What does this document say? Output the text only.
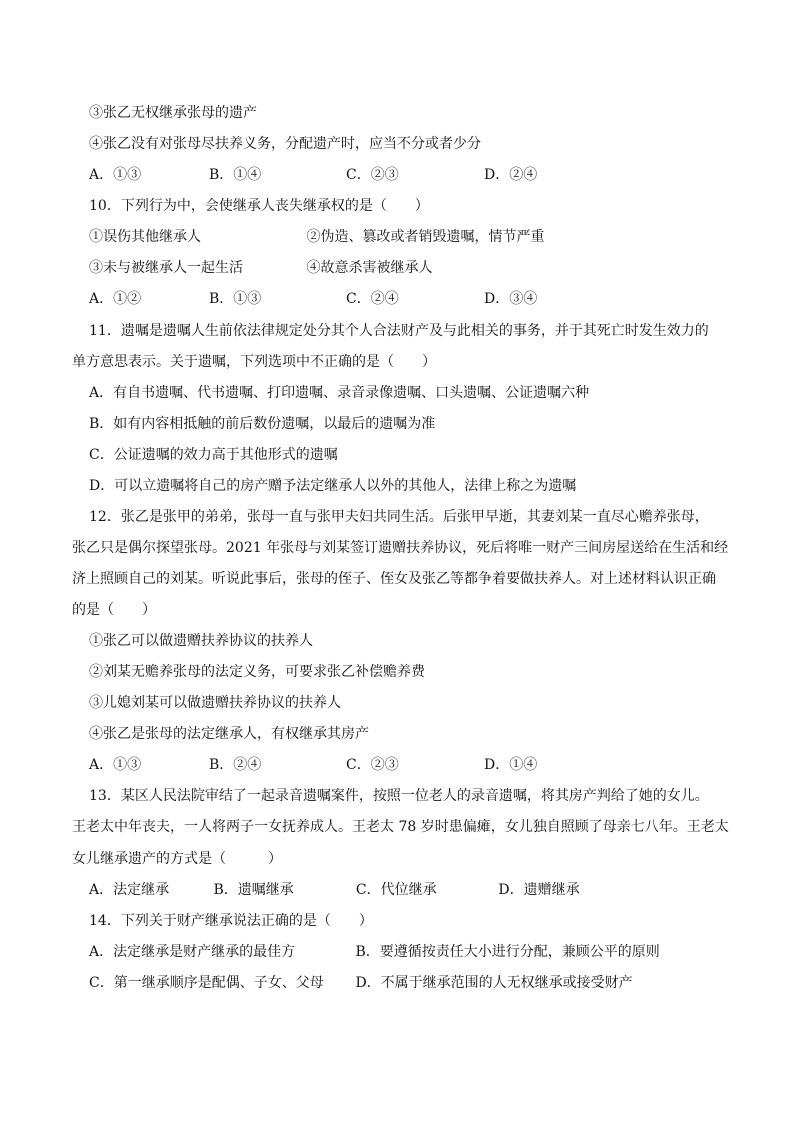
③张乙无权继承张母的遗产
④张乙没有对张母尽扶养义务，分配遗产时，应当不分或者少分
A．①③	B．①④	C．②③	D．②④
10．下列行为中，会使继承人丧失继承权的是（　　）
①误伤其他继承人	②伪造、篡改或者销毁遗嘱，情节严重
③未与被继承人一起生活	④故意杀害被继承人
A．①②	B．①③	C．②④	D．③④
11．遗嘱是遗嘱人生前依法律规定处分其个人合法财产及与此相关的事务，并于其死亡时发生效力的
单方意思表示。关于遗嘱，下列选项中不正确的是（　　）
A．有自书遗嘱、代书遗嘱、打印遗嘱、录音录像遗嘱、口头遗嘱、公证遗嘱六种
B．如有内容相抵触的前后数份遗嘱，以最后的遗嘱为准
C．公证遗嘱的效力高于其他形式的遗嘱
D．可以立遗嘱将自己的房产赠予法定继承人以外的其他人，法律上称之为遗嘱
12．张乙是张甲的弟弟，张母一直与张甲夫妇共同生活。后张甲早逝，其妻刘某一直尽心赡养张母，
张乙只是偶尔探望张母。2021 年张母与刘某签订遗赠扶养协议，死后将唯一财产三间房屋送给在生活和经
济上照顾自己的刘某。听说此事后，张母的侄子、侄女及张乙等都争着要做扶养人。对上述材料认识正确
的是（　　）
①张乙可以做遗赠扶养协议的扶养人
②刘某无赡养张母的法定义务，可要求张乙补偿赡养费
③儿媳刘某可以做遗赠扶养协议的扶养人
④张乙是张母的法定继承人，有权继承其房产
A．①③	B．②④	C．②③	D．①④
13．某区人民法院审结了一起录音遗嘱案件，按照一位老人的录音遗嘱，将其房产判给了她的女儿。
王老太中年丧夫，一人将两子一女抚养成人。王老太 78 岁时患偏瘫，女儿独自照顾了母亲七八年。王老太
女儿继承遗产的方式是（　　　）
A．法定继承	B．遗嘱继承	C．代位继承	D．遗赠继承
14．下列关于财产继承说法正确的是（　　）
A．法定继承是财产继承的最佳方	B．要遵循按责任大小进行分配，兼顾公平的原则
C．第一继承顺序是配偶、子女、父母 D．不属于继承范围的人无权继承或接受财产
